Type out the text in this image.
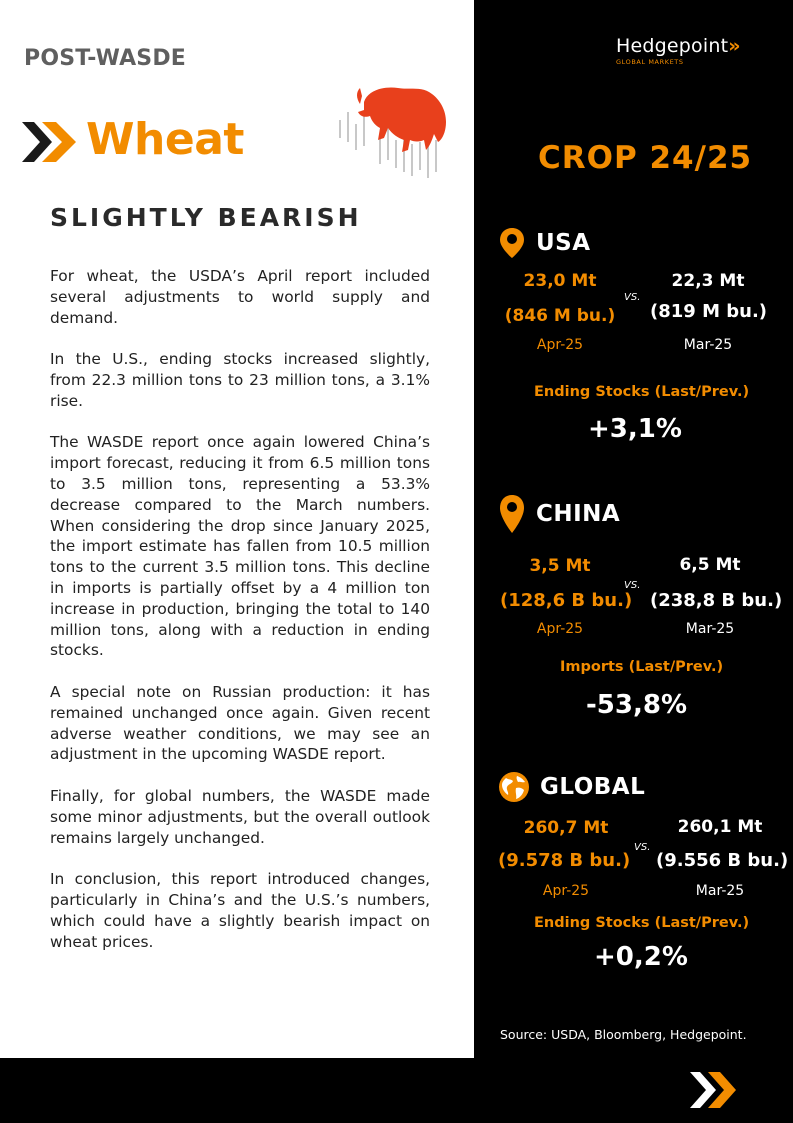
POST-WASDE
Wheat
SLIGHTLY BEARISH

For wheat, the USDA’s April report included several adjustments to world supply and demand.

In the U.S., ending stocks increased slightly, from 22.3 million tons to 23 million tons, a 3.1% rise.

The WASDE report once again lowered China’s import forecast, reducing it from 6.5 million tons to 3.5 million tons, representing a 53.3% decrease compared to the March numbers. When considering the drop since January 2025, the import estimate has fallen from 10.5 million tons to the current 3.5 million tons. This decline in imports is partially offset by a 4 million ton increase in production, bringing the total to 140 million tons, along with a reduction in ending stocks.

A special note on Russian production: it has remained unchanged once again. Given recent adverse weather conditions, we may see an adjustment in the upcoming WASDE report.

Finally, for global numbers, the WASDE made some minor adjustments, but the overall outlook remains largely unchanged.

In conclusion, this report introduced changes, particularly in China’s and the U.S.’s numbers, which could have a slightly bearish impact on wheat prices.

Hedgepoint»
GLOBAL MARKETS
CROP 24/25
USA
23,0 Mt
(846 M bu.)
Apr-25
VS.
22,3 Mt
(819 M bu.)
Mar-25
Ending Stocks (Last/Prev.)
+3,1%
CHINA
3,5 Mt
(128,6 B bu.)
Apr-25
VS.
6,5 Mt
(238,8 B bu.)
Mar-25
Imports (Last/Prev.)
-53,8%
GLOBAL
260,7 Mt
(9.578 B bu.)
Apr-25
VS.
260,1 Mt
(9.556 B bu.)
Mar-25
Ending Stocks (Last/Prev.)
+0,2%
Source: USDA, Bloomberg, Hedgepoint.
